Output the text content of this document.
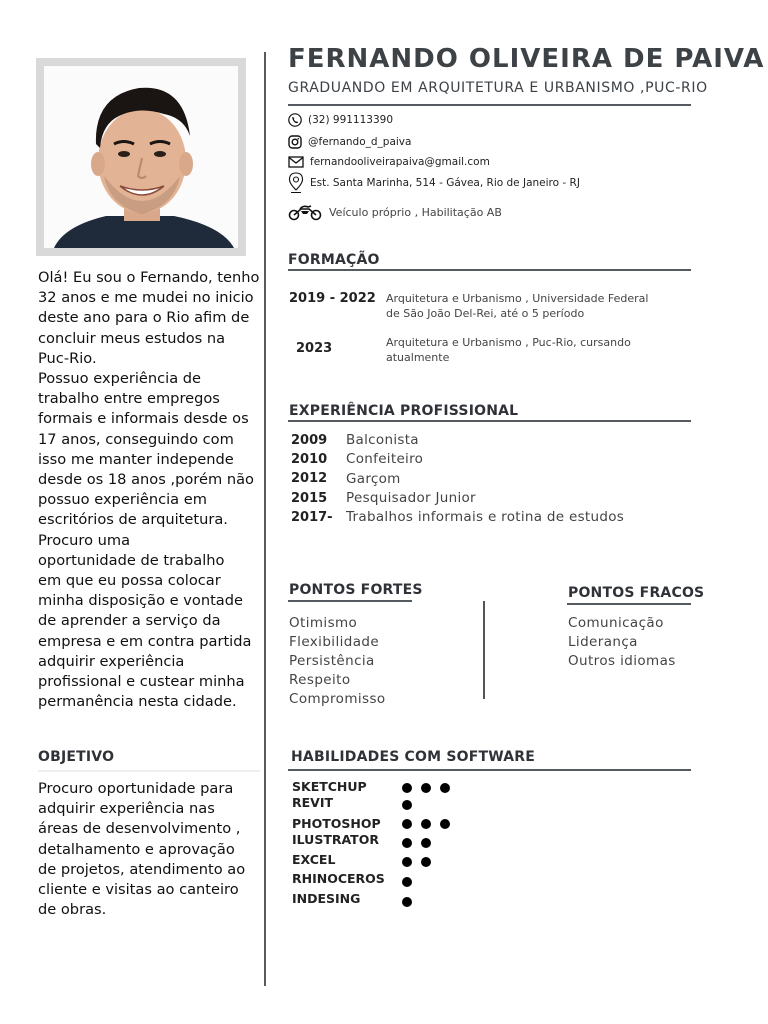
Olá! Eu sou o Fernando, tenho
32 anos e me mudei no inicio
deste ano para o Rio afim de
concluir meus estudos na
Puc-Rio.
Possuo experiência de
trabalho entre empregos
formais e informais desde os
17 anos, conseguindo com
isso me manter independe
desde os 18 anos ,porém não
possuo experiência em
escritórios de arquitetura.
Procuro uma
oportunidade de trabalho
em que eu possa colocar
minha disposição e vontade
de aprender a serviço da
empresa e em contra partida
adquirir experiência
profissional e custear minha
permanência nesta cidade.
OBJETIVO
Procuro oportunidade para
adquirir experiência nas
áreas de desenvolvimento ,
detalhamento e aprovação
de projetos, atendimento ao
cliente e visitas ao canteiro
de obras.
FERNANDO OLIVEIRA DE PAIVA
GRADUANDO EM ARQUITETURA E URBANISMO ,PUC-RIO
(32) 991113390
@fernando_d_paiva
fernandooliveirapaiva@gmail.com
Est. Santa Marinha, 514 - Gávea, Rio de Janeiro - RJ
Veículo próprio , Habilitação AB
FORMAÇÃO
2019 - 2022 Arquitetura e Urbanismo , Universidade Federal
de São João Del-Rei, até o 5 período
2023	Arquitetura e Urbanismo , Puc-Rio, cursando
atualmente
EXPERIÊNCIA PROFISSIONAL
2009 Balconista
2010 Confeiteiro
2012 Garçom
2015 Pesquisador Junior
2017- Trabalhos informais e rotina de estudos
PONTOS FORTES
Otimismo
Flexibilidade
Persistência
Respeito
Compromisso
PONTOS FRACOS
Comunicação
Liderança
Outros idiomas
HABILIDADES COM SOFTWARE
SKETCHUP
REVIT
PHOTOSHOP
ILUSTRATOR
EXCEL
RHINOCEROS
INDESING
